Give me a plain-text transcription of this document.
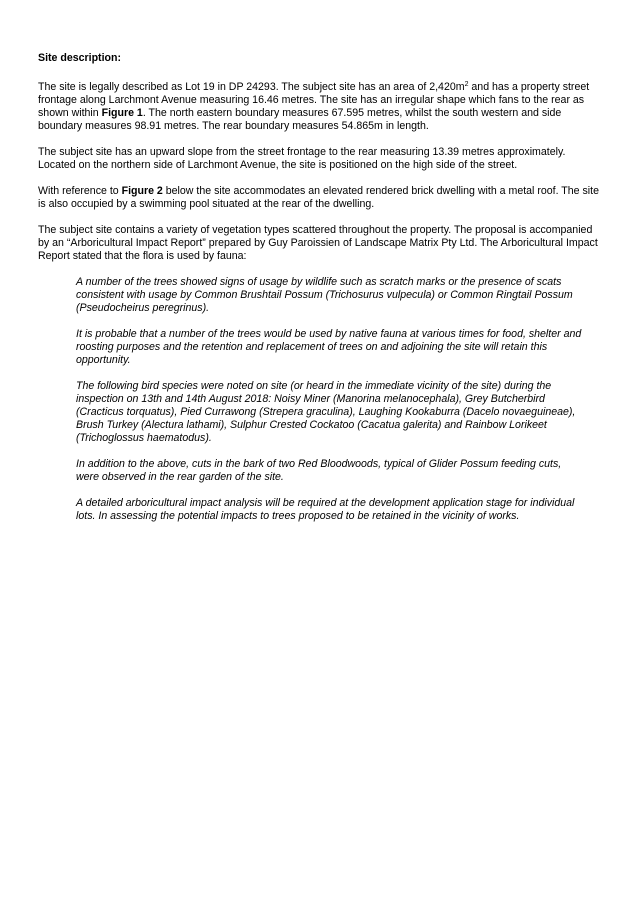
Site description:

The site is legally described as Lot 19 in DP 24293. The subject site has an area of $2,420m^2$ and has a property street frontage along Larchmont Avenue measuring 16.46 metres. The site has an irregular shape which fans to the rear as shown within Figure 1. The north eastern boundary measures 67.595 metres, whilst the south western and side boundary measures 98.91 metres. The rear boundary measures 54.865m in length.

The subject site has an upward slope from the street frontage to the rear measuring 13.39 metres approximately. Located on the northern side of Larchmont Avenue, the site is positioned on the high side of the street.

With reference to Figure 2 below the site accommodates an elevated rendered brick dwelling with a metal roof. The site is also occupied by a swimming pool situated at the rear of the dwelling.

The subject site contains a variety of vegetation types scattered throughout the property. The proposal is accompanied by an “Arboricultural Impact Report” prepared by Guy Paroissien of Landscape Matrix Pty Ltd. The Arboricultural Impact Report stated that the flora is used by fauna:

A number of the trees showed signs of usage by wildlife such as scratch marks or the presence of scats consistent with usage by Common Brushtail Possum (Trichosurus vulpecula) or Common Ringtail Possum
(Pseudocheirus peregrinus).

It is probable that a number of the trees would be used by native fauna at various times for food, shelter and roosting purposes and the retention and replacement of trees on and adjoining the site will retain this opportunity.

The following bird species were noted on site (or heard in the immediate vicinity of the site) during the inspection on 13th and 14th August 2018: Noisy Miner (Manorina melanocephala), Grey Butcherbird (Cracticus torquatus), Pied Currawong (Strepera graculina), Laughing Kookaburra (Dacelo novaeguineae), Brush Turkey (Alectura lathami), Sulphur Crested Cockatoo (Cacatua galerita) and Rainbow Lorikeet (Trichoglossus haematodus).

In addition to the above, cuts in the bark of two Red Bloodwoods, typical of Glider Possum feeding cuts, were observed in the rear garden of the site.

A detailed arboricultural impact analysis will be required at the development application stage for individual lots. In assessing the potential impacts to trees proposed to be retained in the vicinity of works.
